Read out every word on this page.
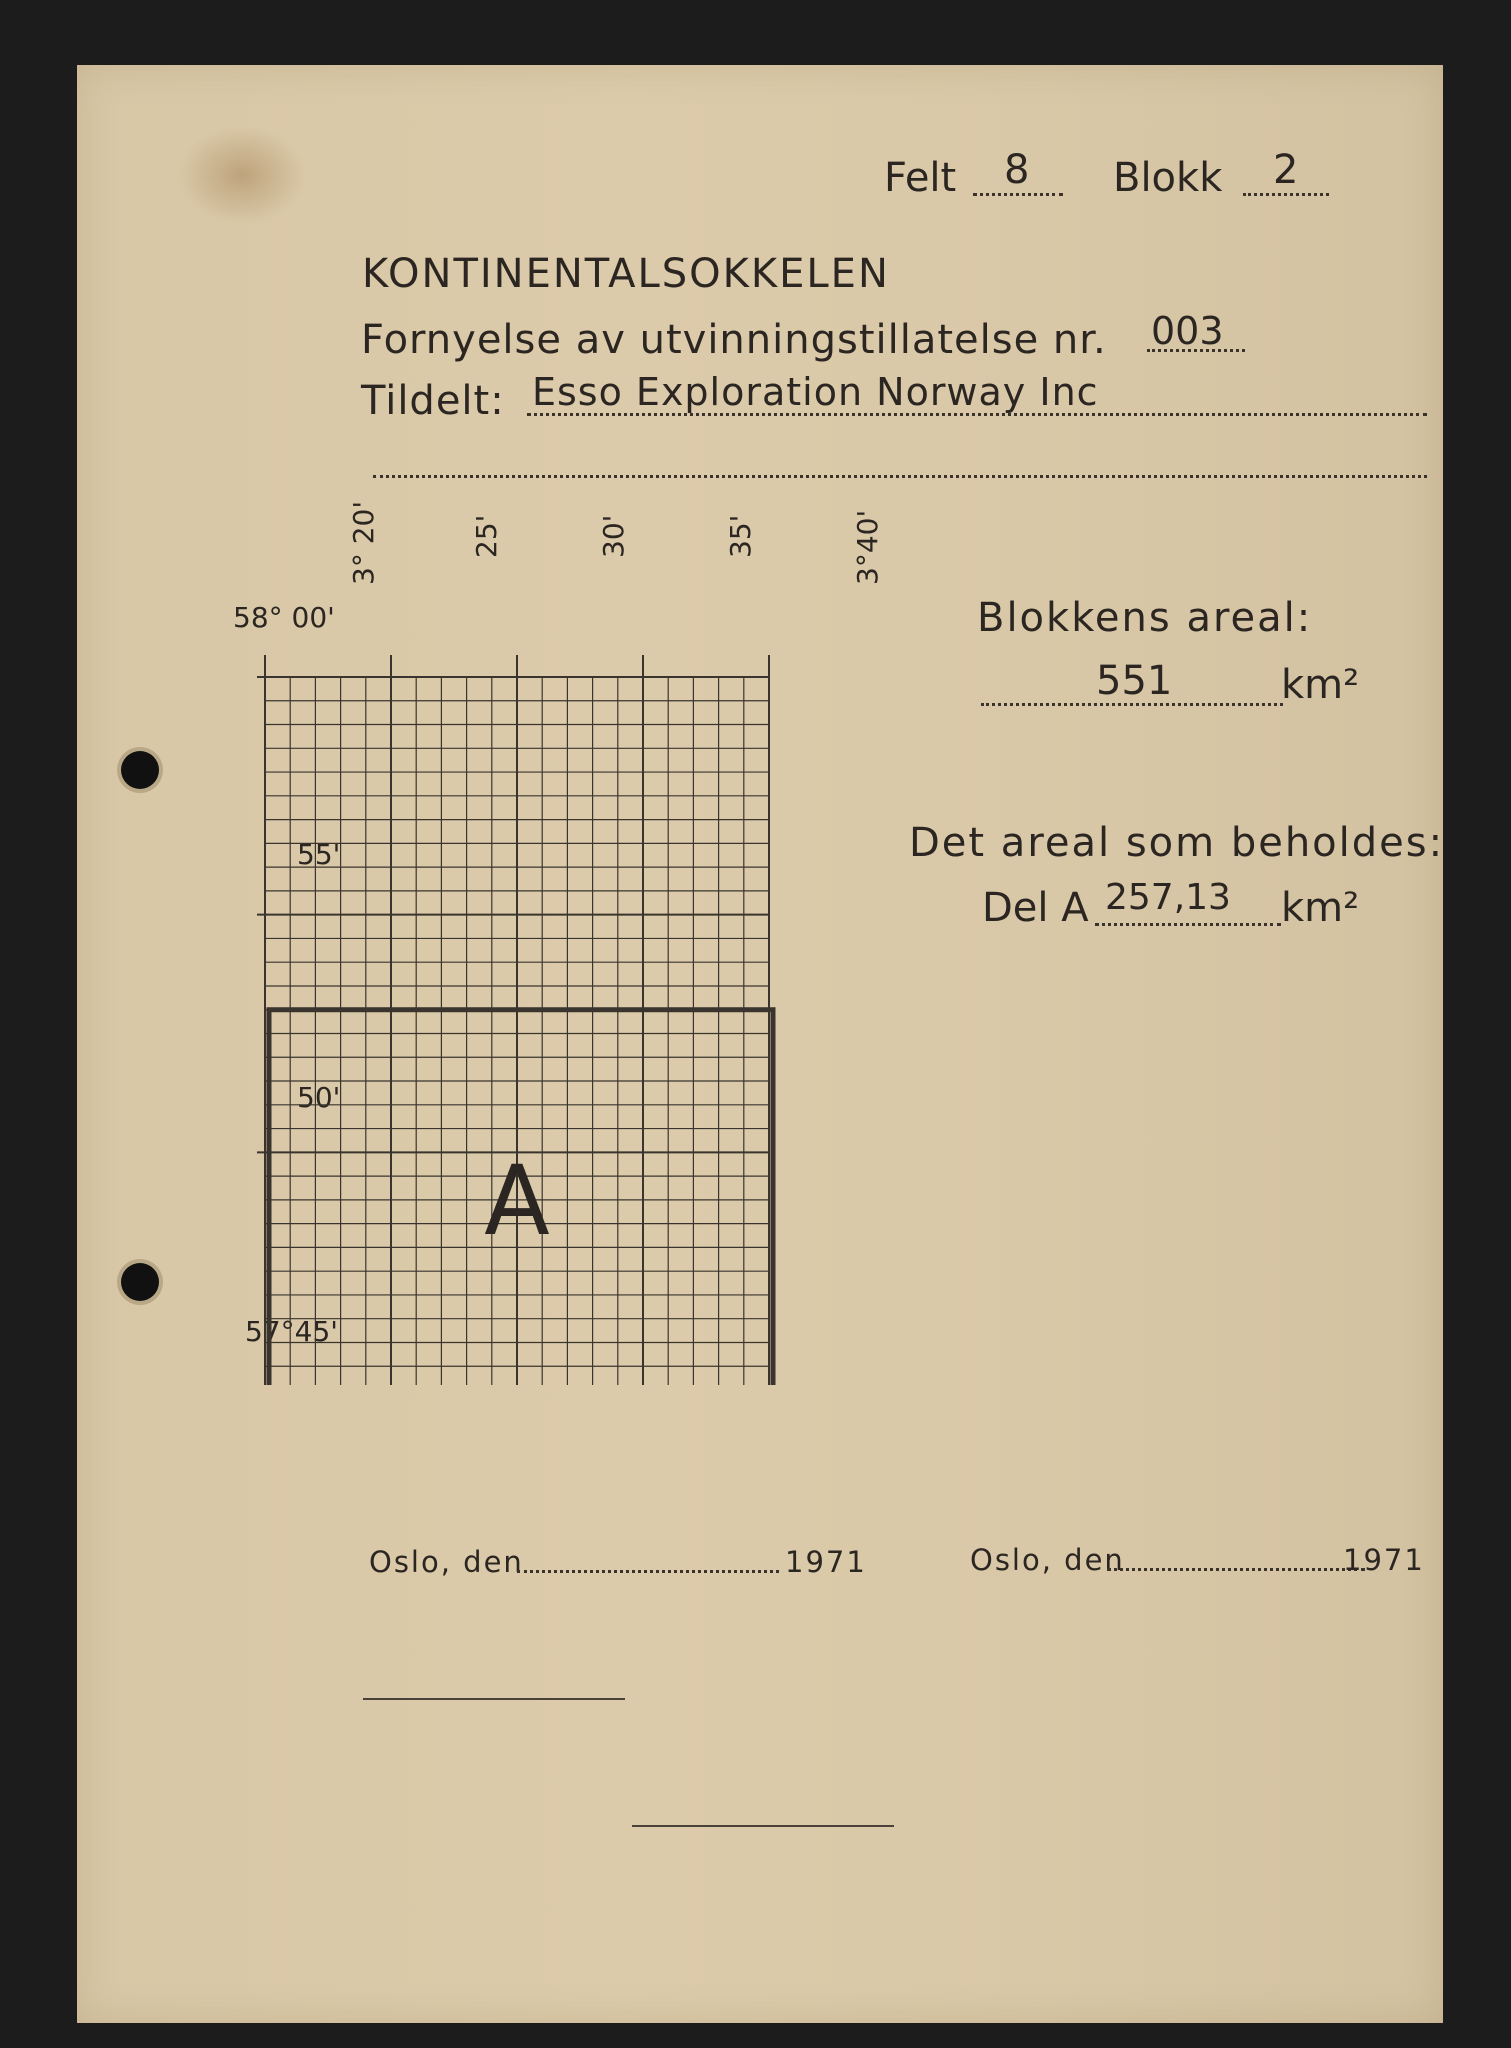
Felt 8 Blokk 2
KONTINENTALSOKKELEN
Fornyelse av utvinningstillatelse nr. 003
Tildelt: Esso Exploration Norway Inc
3° 20'	25'	30'	35'	3°40'
58° 00'
55'
50'
57°45'
A
Blokkens areal:
551	km²
Det areal som beholdes:
Del A 257,13 km²
Oslo, den	1971	Oslo, den	1971
